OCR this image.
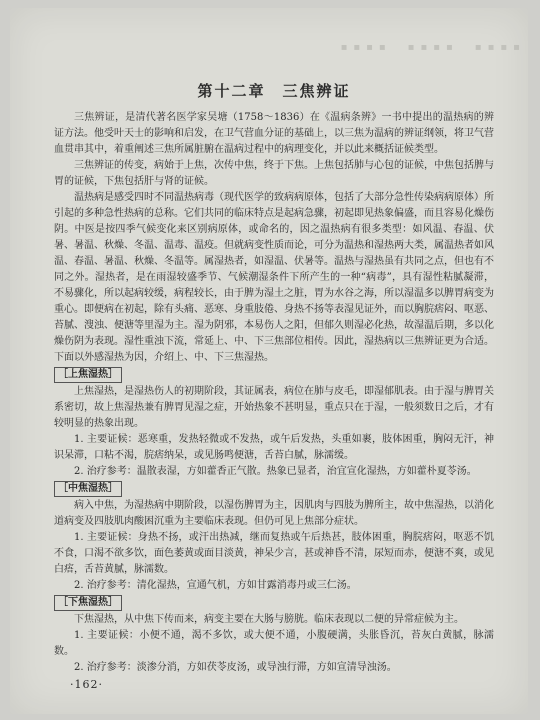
▪▪▪▪　▪▪▪▪　▪▪▪▪
第十二章　三焦辨证

三焦辨证，是清代著名医学家吴塘（1758～1836）在《温病条辨》一书中提出的温热病的辨证方法。他受叶天士的影响和启发，在卫气营血分证的基础上，以三焦为温病的辨证纲领，将卫气营血贯串其中，着重阐述三焦所属脏腑在温病过程中的病理变化，并以此来概括证候类型。

三焦辨证的传变，病始于上焦，次传中焦，终于下焦。上焦包括肺与心包的证候，中焦包括脾与胃的证候，下焦包括肝与肾的证候。

温热病是感受四时不同温热病毒（现代医学的致病病原体，包括了大部分急性传染病病原体）所引起的多种急性热病的总称。它们共同的临床特点是起病急骤，初起即见热象偏盛，而且容易化燥伤阴。中医是按四季气候变化来区别病原体，或命名的，因之温热病有很多类型：如风温、春温、伏暑、暑温、秋燥、冬温、温毒、温疫。但就病变性质而论，可分为温热和湿热两大类，属温热者如风温、春温、暑温、秋燥、冬温等。属湿热者，如湿温、伏暑等。温热与湿热虽有共同之点，但也有不同之外。湿热者，是在雨湿较盛季节、气候潮湿条件下所产生的一种“病毒”，具有湿性粘腻凝滞，不易骤化，所以起病较缓，病程较长，由于脾为湿土之脏，胃为水谷之海，所以湿温多以脾胃病变为重心。即便病在初起，除有头痛、恶寒、身重肢倦、身热不扬等表湿见证外，而以胸脘痞闷、呕恶、苔腻、溲浊、便溏等里湿为主。湿为阴邪，本易伤人之阳，但郁久则湿必化热，故湿温后期，多以化燥伤阴为表现。湿性重浊下流，常延上、中、下三焦部位相传。因此，湿热病以三焦辨证更为合适。下面以外感湿热为因，介绍上、中、下三焦湿热。

［上焦湿热］

上焦湿热，是湿热伤人的初期阶段，其证属表，病位在肺与皮毛，即湿郁肌表。由于湿与脾胃关系密切，故上焦湿热兼有脾胃见湿之症，开始热象不甚明显，重点只在于湿，一般须数日之后，才有较明显的热象出现。

1. 主要证候：恶寒重，发热轻微或不发热，或午后发热，头重如裹，肢体困重，胸闷无汗，神识呆滞，口粘不渴，脘痞纳呆，或见肠鸣便溏，舌苔白腻，脉濡缓。

2. 治疗参考：温散表湿，方如藿香正气散。热象已显者，治宜宣化湿热，方如藿朴夏苓汤。

［中焦湿热］

病入中焦，为湿热病中期阶段，以湿伤脾胃为主，因肌肉与四肢为脾所主，故中焦湿热，以消化道病变及四肢肌肉酸困沉重为主要临床表现。但仍可见上焦部分症状。

1. 主要证候：身热不扬，或汗出热减，继而复热或午后热甚，肢体困重，胸脘痞闷，呕恶不饥不食，口渴不欲多饮，面色萎黄或面目淡黄，神呆少言，甚或神昏不清，尿短而赤，便溏不爽，或见白痦，舌苔黄腻，脉濡数。

2. 治疗参考：清化湿热，宣通气机，方如甘露消毒丹或三仁汤。

［下焦湿热］

下焦湿热，从中焦下传而来，病变主要在大肠与膀胱。临床表现以二便的异常症候为主。

1. 主要证候：小便不通，渴不多饮，或大便不通，小腹硬满，头胀昏沉，苔灰白黄腻，脉濡数。

2. 治疗参考：淡渗分消，方如茯苓皮汤，或导浊行滞，方如宣清导浊汤。

·162·
